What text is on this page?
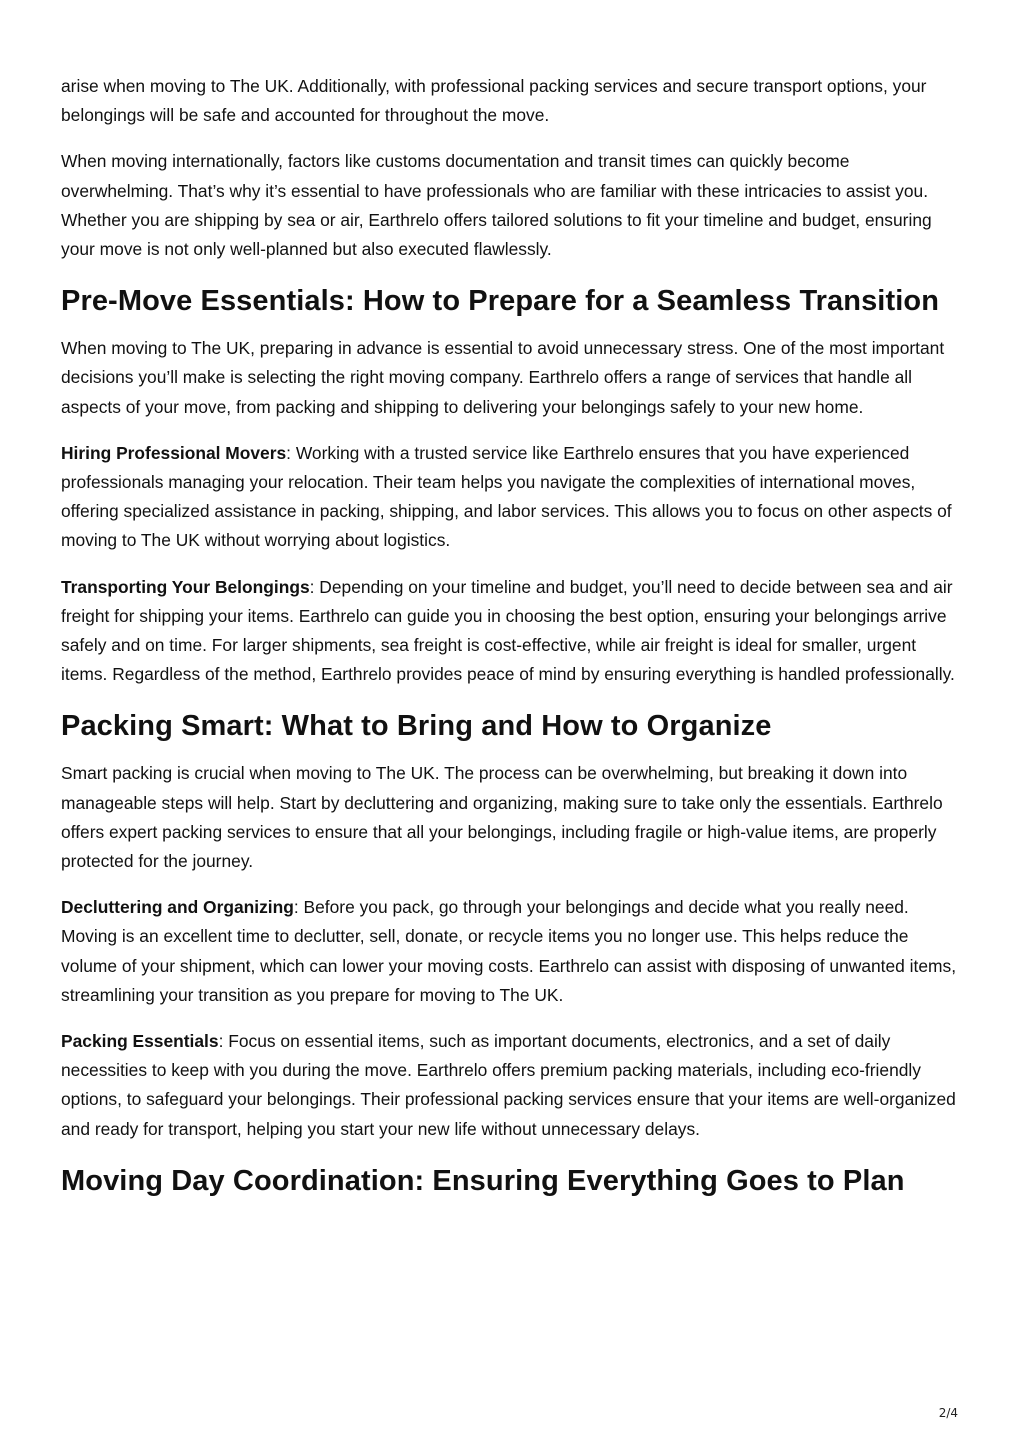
arise when moving to The UK. Additionally, with professional packing services and secure transport options, your belongings will be safe and accounted for throughout the move.

When moving internationally, factors like customs documentation and transit times can quickly become overwhelming. That’s why it’s essential to have professionals who are familiar with these intricacies to assist you. Whether you are shipping by sea or air, Earthrelo offers tailored solutions to fit your timeline and budget, ensuring your move is not only well-planned but also executed flawlessly.

Pre-Move Essentials: How to Prepare for a Seamless Transition

When moving to The UK, preparing in advance is essential to avoid unnecessary stress. One of the most important decisions you’ll make is selecting the right moving company. Earthrelo offers a range of services that handle all aspects of your move, from packing and shipping to delivering your belongings safely to your new home.

Hiring Professional Movers: Working with a trusted service like Earthrelo ensures that you have experienced professionals managing your relocation. Their team helps you navigate the complexities of international moves, offering specialized assistance in packing, shipping, and labor services. This allows you to focus on other aspects of moving to The UK without worrying about logistics.

Transporting Your Belongings: Depending on your timeline and budget, you’ll need to decide between sea and air freight for shipping your items. Earthrelo can guide you in choosing the best option, ensuring your belongings arrive safely and on time. For larger shipments, sea freight is cost-effective, while air freight is ideal for smaller, urgent items. Regardless of the method, Earthrelo provides peace of mind by ensuring everything is handled professionally.

Packing Smart: What to Bring and How to Organize

Smart packing is crucial when moving to The UK. The process can be overwhelming, but breaking it down into manageable steps will help. Start by decluttering and organizing, making sure to take only the essentials. Earthrelo offers expert packing services to ensure that all your belongings, including fragile or high-value items, are properly protected for the journey.

Decluttering and Organizing: Before you pack, go through your belongings and decide what you really need. Moving is an excellent time to declutter, sell, donate, or recycle items you no longer use. This helps reduce the volume of your shipment, which can lower your moving costs. Earthrelo can assist with disposing of unwanted items, streamlining your transition as you prepare for moving to The UK.

Packing Essentials: Focus on essential items, such as important documents, electronics, and a set of daily necessities to keep with you during the move. Earthrelo offers premium packing materials, including eco-friendly options, to safeguard your belongings. Their professional packing services ensure that your items are well-organized and ready for transport, helping you start your new life without unnecessary delays.

Moving Day Coordination: Ensuring Everything Goes to Plan
2/4
